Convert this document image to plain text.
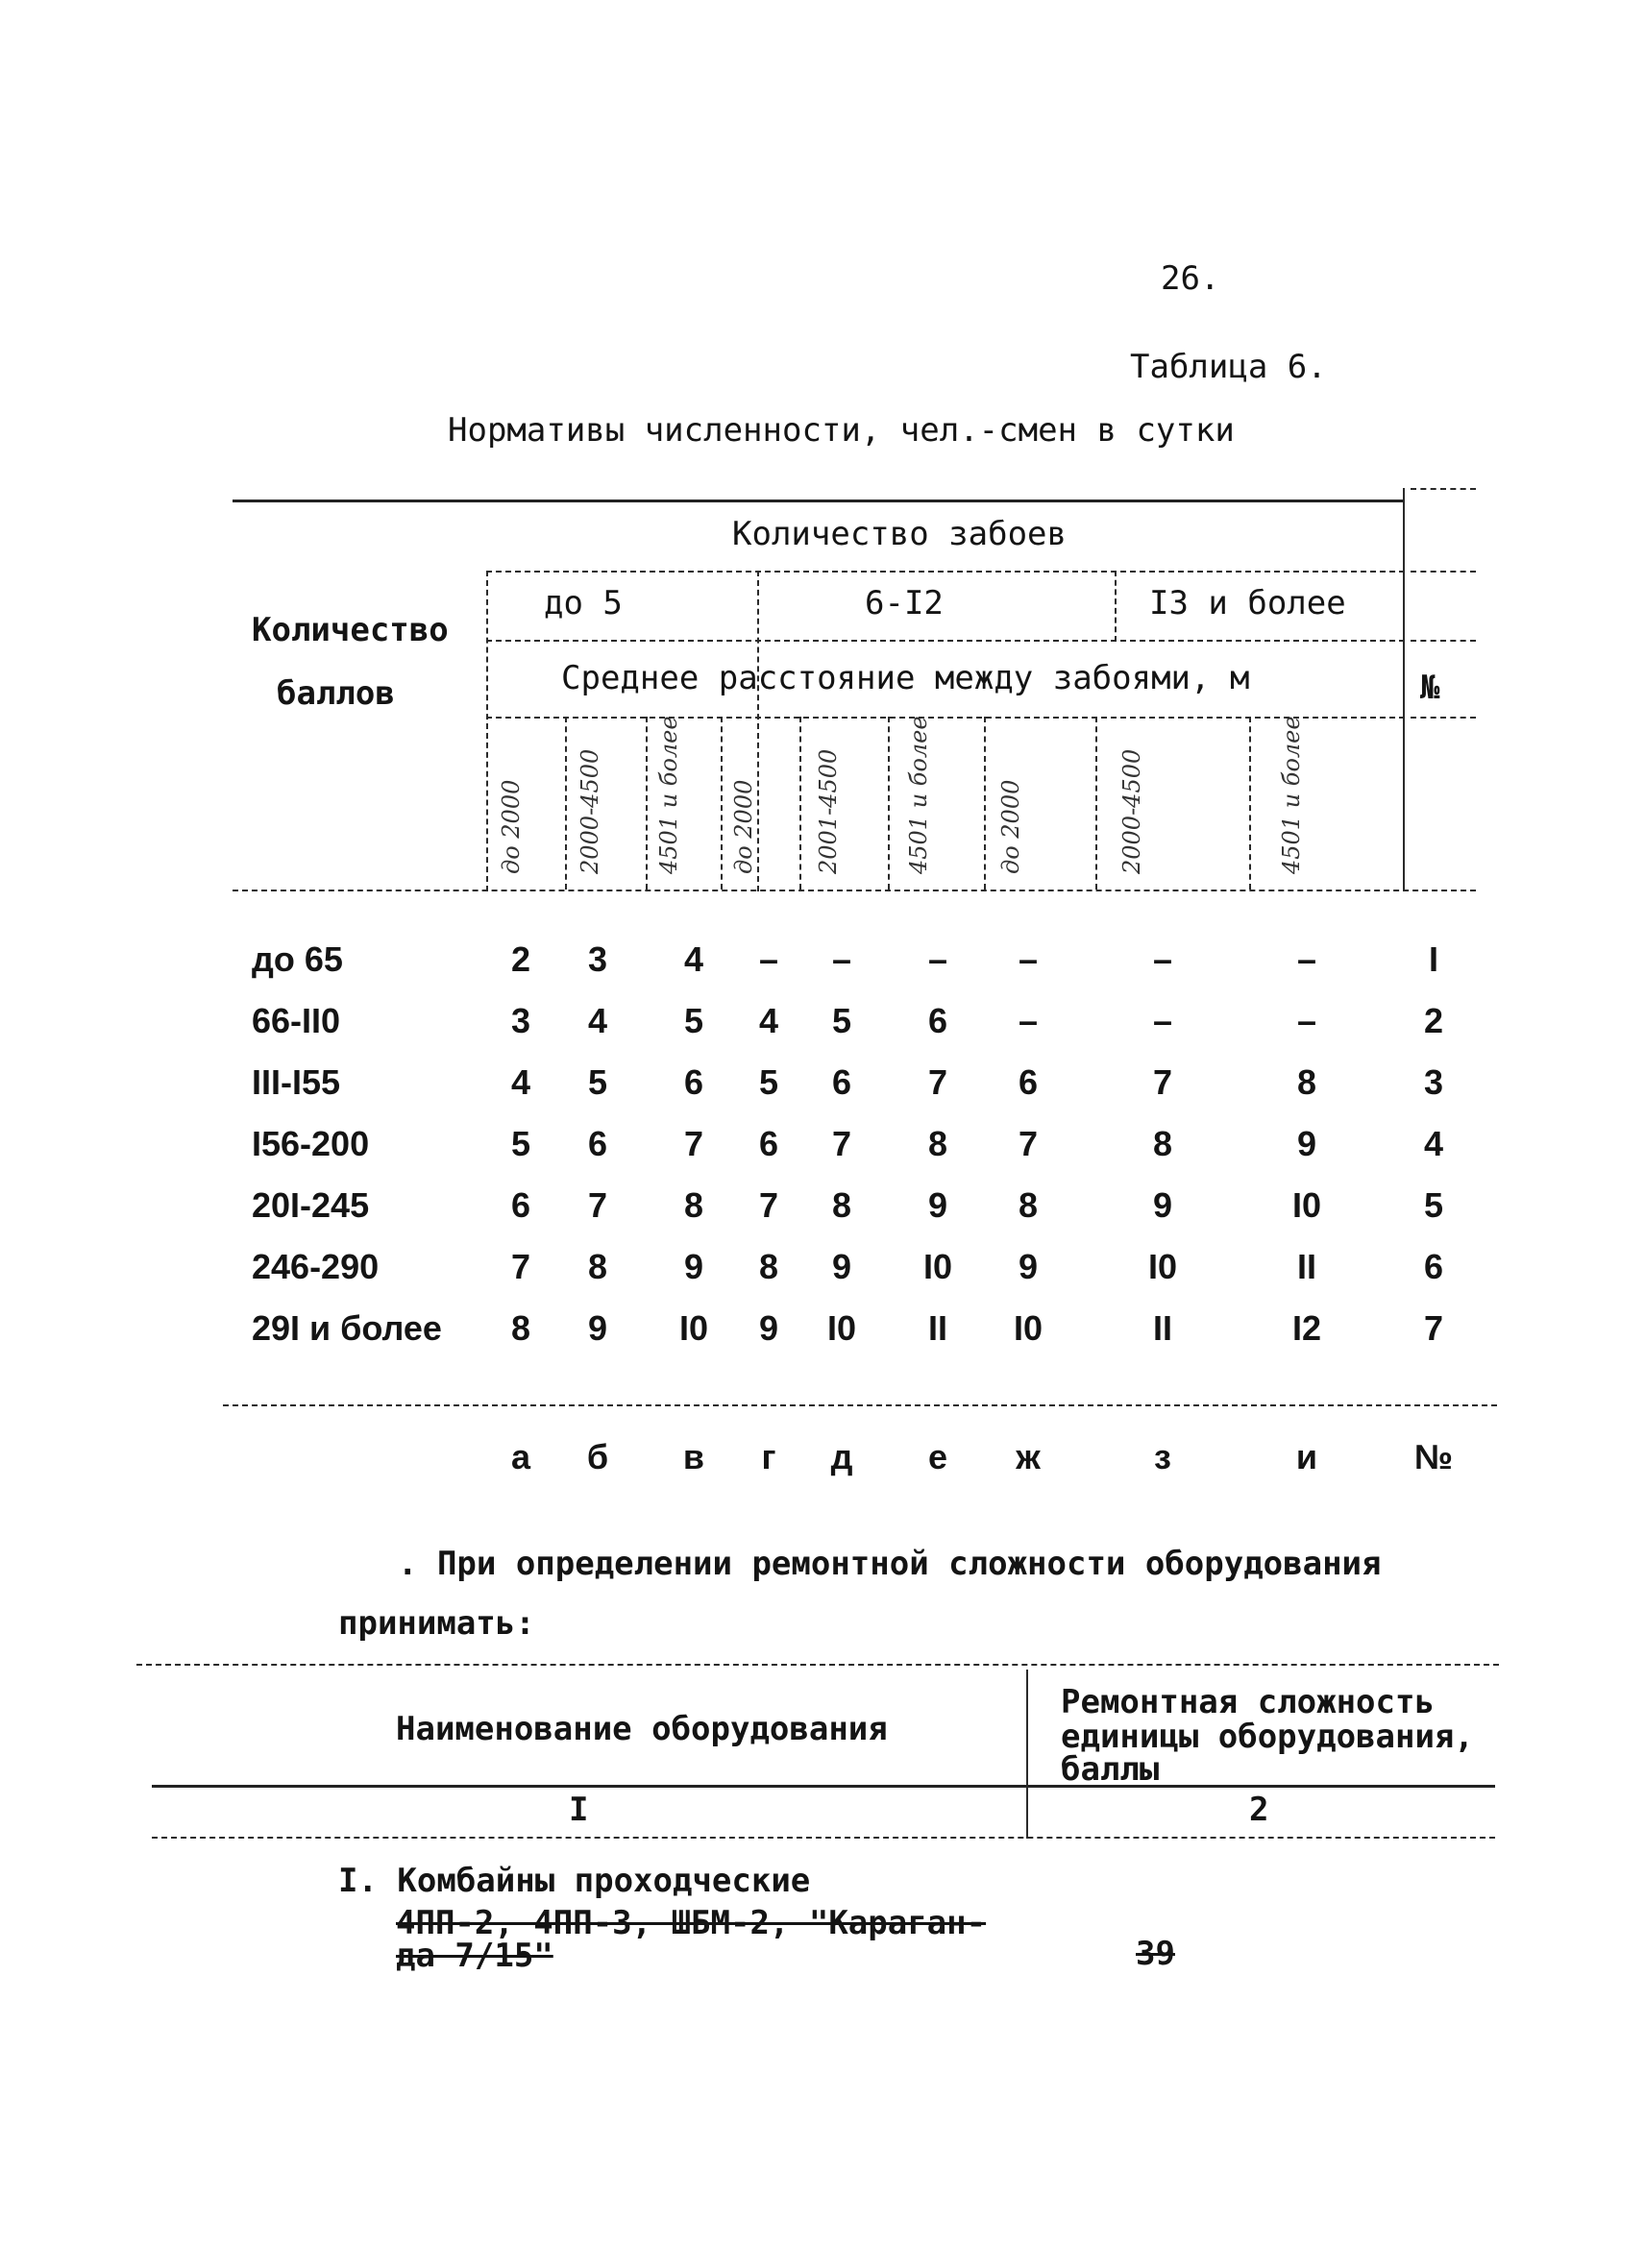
26.
Таблица 6.
Нормативы численности, чел.-смен в сутки
Количество
баллов
Количество забоев
до 5	6-I2	I3 и более
Среднее расстояние между забоями, м	№
до 2000 2000-4500 4501 и более до 2000	2001-4500	4501 и более	до 2000	2000-4500	4501 и более
до 65	2	3	4	–	–	–	–	–	–	I
66-II0	3	4	5	4	5	6	–	–	–	2
III-I55	4	5	6	5	6	7	6	7	8	3
I56-200	5	6	7	6	7	8	7	8	9	4
20I-245	6	7	8	7	8	9	8	9	I0	5
246-290	7	8	9	8	9	I0	9	I0	II	6
29I и более	8	9	I0	9	I0	II	I0	II	I2	7
а	б	в	г	д	е	ж	з	и	№
. При определении ремонтной сложности оборудования
принимать:
Наименование оборудования
Ремонтная сложность
единицы оборудования,
баллы
I	2
I. Комбайны проходческие
4ПП-2, 4ПП-3, ШБМ-2, "Караган-
да 7/15"	39
